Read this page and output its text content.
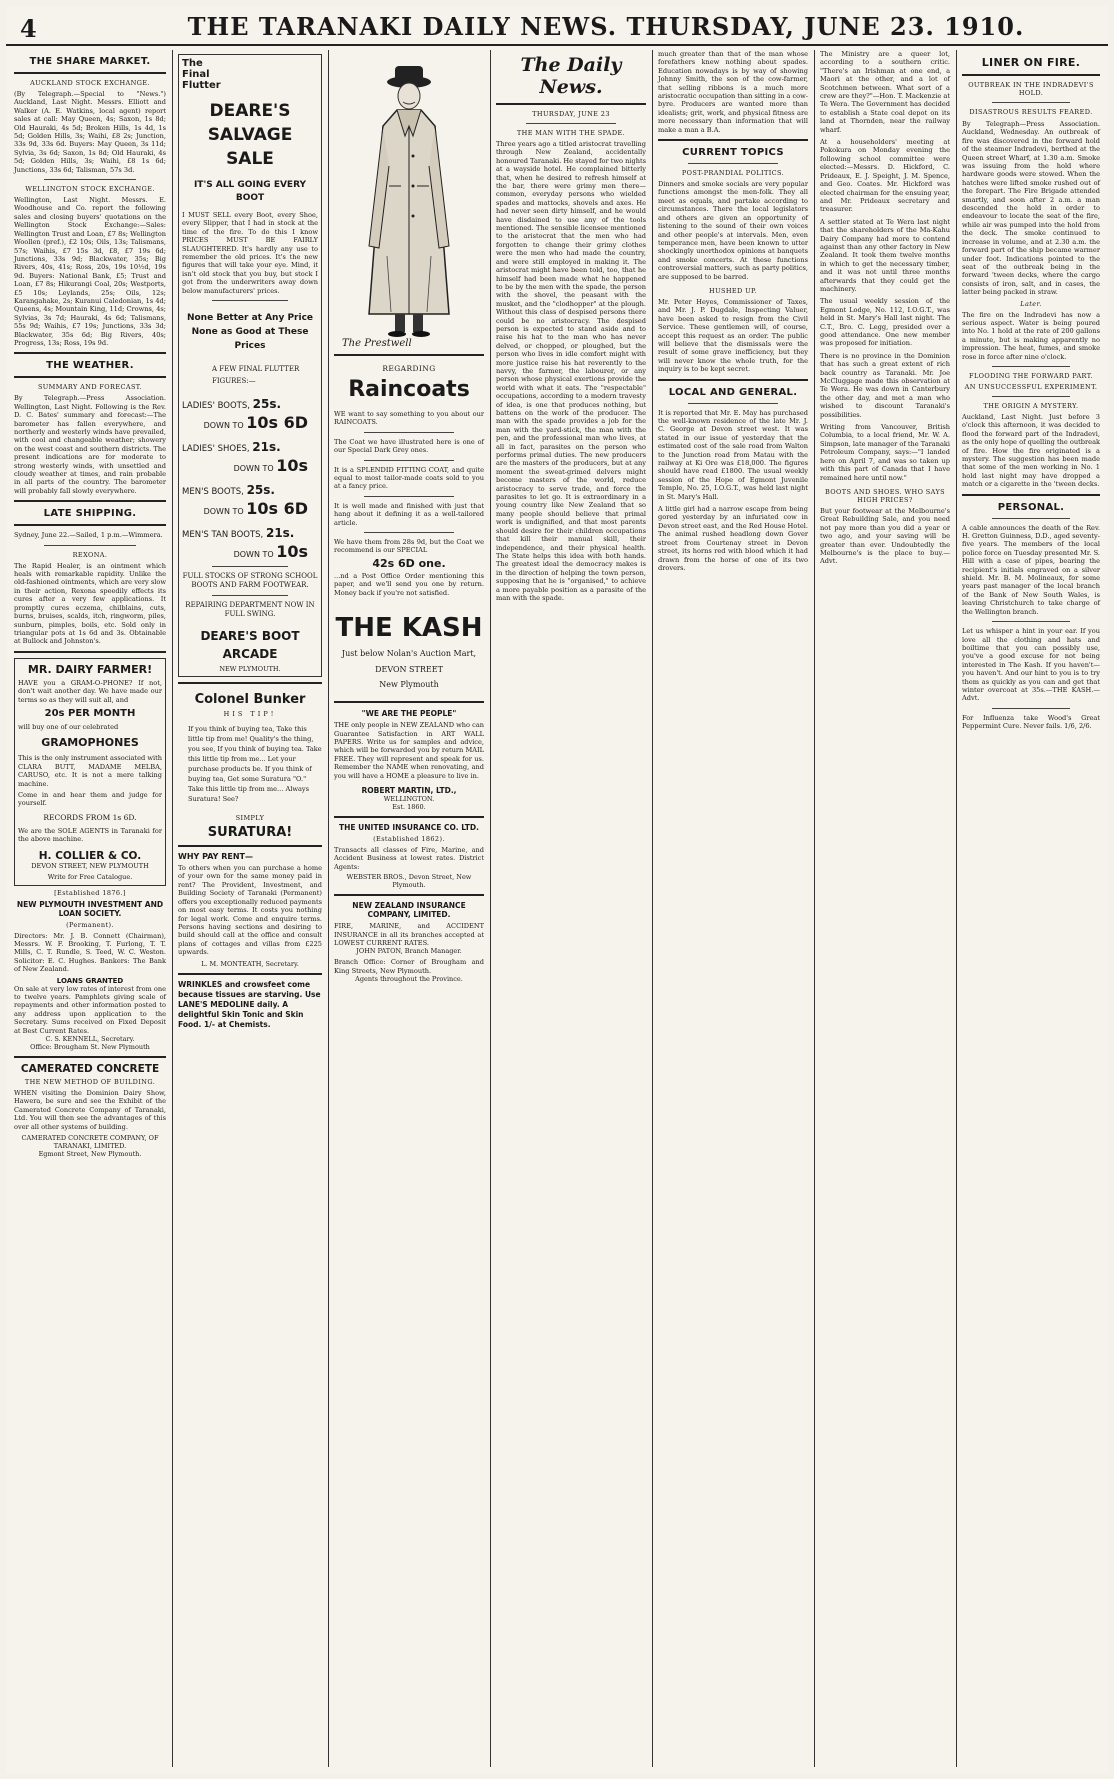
4	THE TARANAKI DAILY NEWS. THURSDAY, JUNE 23. 1910.
THE SHARE MARKET.
AUCKLAND STOCK EXCHANGE.
(By Telegraph.—Special to "News.") Auckland, Last Night. Messrs. Elliott and Walker (A. E. Watkins, local agent) report sales at call: May Queen, 4s; Saxon, 1s 8d; Old Hauraki, 4s 5d; Broken Hills, 1s 4d, 1s 5d; Golden Hills, 3s; Waihi, £8 2s; Junction, 33s 9d, 33s 6d. Buyers: May Queen, 3s 11d; Sylvia, 3s 6d; Saxon, 1s 8d; Old Hauraki, 4s 5d; Golden Hills, 3s; Waihi, £8 1s 6d; Junctions, 33s 6d; Talisman, 57s 3d.
WELLINGTON STOCK EXCHANGE.
Wellington, Last Night. Messrs. E. Woodhouse and Co. report the following sales and closing buyers' quotations on the Wellington Stock Exchange:—Sales: Wellington Trust and Loan, £7 8s; Wellington Woollen (pref.), £2 10s; Oils, 13s; Talismans, 57s; Waihis, £7 15s 3d, £8, £7 19s 6d; Junctions, 33s 9d; Blackwater, 35s; Big Rivers, 40s, 41s; Ross, 20s, 19s 10½d, 19s 9d. Buyers: National Bank, £5; Trust and Loan, £7 8s; Hikurangi Coal, 20s; Westports, £5 10s; Leylands, 25s; Oils, 12s; Karangahake, 2s; Kuranui Caledonian, 1s 4d; Queens, 4s; Mountain King, 11d; Crowns, 4s; Sylvias, 3s 7d; Hauraki, 4s 6d; Talismans, 55s 9d; Waihis, £7 19s; Junctions, 33s 3d; Blackwater, 35s 6d; Big Rivers, 40s; Progress, 13s; Ross, 19s 9d.
THE WEATHER.
SUMMARY AND FORECAST.
By Telegraph.—Press Association. Wellington, Last Night. Following is the Rev. D. C. Bates' summary and forecast:—The barometer has fallen everywhere, and northerly and westerly winds have prevailed, with cool and changeable weather; showery on the west coast and southern districts. The present indications are for moderate to strong westerly winds, with unsettled and cloudy weather at times, and rain probable in all parts of the country. The barometer will probably fall slowly everywhere.
LATE SHIPPING.
Sydney, June 22.—Sailed, 1 p.m.—Wimmera.
REXONA.
The Rapid Healer, is an ointment which heals with remarkable rapidity. Unlike the old-fashioned ointments, which are very slow in their action, Rexona speedily effects its cures after a very few applications. It promptly cures eczema, chilblains, cuts, burns, bruises, scalds, itch, ringworm, piles, sunburn, pimples, boils, etc. Sold only in triangular pots at 1s 6d and 3s. Obtainable at Bullock and Johnston's.
MR. DAIRY FARMER!
HAVE you a GRAM-O-PHONE? If not, don't wait another day. We have made our terms so as they will suit all, and
20s PER MONTH
will buy one of our celebrated
GRAMOPHONES
This is the only instrument associated with CLARA BUTT, MADAME MELBA, CARUSO, etc. It is not a mere talking machine.
Come in and hear them and judge for yourself.
RECORDS FROM 1s 6D.
We are the SOLE AGENTS in Taranaki for the above machine.
H. COLLIER & CO.
DEVON STREET, NEW PLYMOUTH
Write for Free Catalogue.
[Established 1876.]
NEW PLYMOUTH INVESTMENT AND LOAN SOCIETY.
(Permanent).
Directors: Mr. J. B. Connett (Chairman), Messrs. W. F. Brooking, T. Furlong, T. T. Mills, C. T. Rundle, S. Teed, W. C. Weston. Solicitor: E. C. Hughes. Bankers: The Bank of New Zealand.
LOANS GRANTED
On sale at very low rates of interest from one to twelve years. Pamphlets giving scale of repayments and other information posted to any address upon application to the Secretary. Sums received on Fixed Deposit at Best Current Rates.
C. S. KENNELL, Secretary.
Office: Brougham St. New Plymouth
CAMERATED CONCRETE
THE NEW METHOD OF BUILDING.
WHEN visiting the Dominion Dairy Show, Hawera, be sure and see the Exhibit of the Camerated Concrete Company of Taranaki, Ltd. You will then see the advantages of this over all other systems of building.
CAMERATED CONCRETE COMPANY, OF TARANAKI, LIMITED.
Egmont Street, New Plymouth.
The
Final
Flutter
DEARE'S SALVAGE SALE
IT'S ALL GOING EVERY BOOT
I MUST SELL every Boot, every Shoe, every Slipper, that I had in stock at the time of the fire. To do this I know PRICES MUST BE FAIRLY SLAUGHTERED. It's hardly any use to remember the old prices. It's the new figures that will take your eye. Mind, it isn't old stock that you buy, but stock I got from the underwriters away down below manufacturers' prices.
None Better at Any Price None as Good at These Prices
A FEW FINAL FLUTTER FIGURES:—
LADIES' BOOTS, 25s.
DOWN TO 10s 6D
LADIES' SHOES, 21s.
DOWN TO 10s
MEN'S BOOTS, 25s.
DOWN TO 10s 6D
MEN'S TAN BOOTS, 21s.
DOWN TO 10s
FULL STOCKS OF STRONG SCHOOL BOOTS AND FARM FOOTWEAR.
REPAIRING DEPARTMENT NOW IN FULL SWING.
DEARE'S BOOT ARCADE
NEW PLYMOUTH.
Colonel Bunker
HIS TIP!
If you think of buying tea, Take this little tip from me! Quality's the thing, you see, If you think of buying tea. Take this little tip from me... Let your purchase products be. If you think of buying tea, Get some Suratura "O." Take this little tip from me... Always Suratura! See?
SIMPLY
SURATURA!
WHY PAY RENT—
To others when you can purchase a home of your own for the same money paid in rent? The Provident, Investment, and Building Society of Taranaki (Permanent) offers you exceptionally reduced payments on most easy terms. It costs you nothing for legal work. Come and enquire terms. Persons having sections and desiring to build should call at the office and consult plans of cottages and villas from £225 upwards.
L. M. MONTEATH, Secretary.
WRINKLES and crowsfeet come because tissues are starving. Use LANE'S MEDOLINE daily. A delightful Skin Tonic and Skin Food. 1/- at Chemists.
The Prestwell
REGARDING
Raincoats
WE want to say something to you about our RAINCOATS.
The Coat we have illustrated here is one of our Special Dark Grey ones.
It is a SPLENDID FITTING COAT, and quite equal to most tailor-made coats sold to you at a fancy price.
It is well made and finished with just that hang about it defining it as a well-tailored article.
We have them from 28s 9d, but the Coat we recommend is our SPECIAL
42s 6D one.
...nd a Post Office Order mentioning this paper, and we'll send you one by return. Money back if you're not satisfied.
THE KASH
Just below Nolan's Auction Mart,
DEVON STREET
New Plymouth
"WE ARE THE PEOPLE"
THE only people in NEW ZEALAND who can Guarantee Satisfaction in ART WALL PAPERS. Write us for samples and advice, which will be forwarded you by return MAIL FREE. They will represent and speak for us. Remember the NAME when renovating, and you will have a HOME a pleasure to live in.
ROBERT MARTIN, LTD.,
WELLINGTON.
Est. 1860.
THE UNITED INSURANCE CO. LTD.
(Established 1862).
Transacts all classes of Fire, Marine, and Accident Business at lowest rates. District Agents:
WEBSTER BROS., Devon Street, New Plymouth.
NEW ZEALAND INSURANCE COMPANY, LIMITED.
FIRE, MARINE, and ACCIDENT INSURANCE in all its branches accepted at LOWEST CURRENT RATES.
JOHN PATON, Branch Manager.
Branch Office: Corner of Brougham and King Streets, New Plymouth.
Agents throughout the Province.
The Daily News.
THURSDAY, JUNE 23
THE MAN WITH THE SPADE.
Three years ago a titled aristocrat travelling through New Zealand, accidentally honoured Taranaki. He stayed for two nights at a wayside hotel. He complained bitterly that, when he desired to refresh himself at the bar, there were grimy men there—common, everyday persons who wielded spades and mattocks, shovels and axes. He had never seen dirty himself, and he would have disdained to use any of the tools mentioned. The sensible licensee mentioned to the aristocrat that the men who had forgotten to change their grimy clothes were the men who had made the country, and were still employed in making it. The aristocrat might have been told, too, that he himself had been made what he happened to be by the men with the spade, the person with the shovel, the peasant with the musket, and the "clodhopper" at the plough. Without this class of despised persons there could be no aristocracy. The despised person is expected to stand aside and to raise his hat to the man who has never delved, or chopped, or ploughed, but the person who lives in idle comfort might with more justice raise his hat reverently to the navvy, the farmer, the labourer, or any person whose physical exertions provide the world with what it eats. The "respectable" occupations, according to a modern travesty of idea, is one that produces nothing, but battens on the work of the producer. The man with the spade provides a job for the man with the yard-stick, the man with the pen, and the professional man who lives, at all in fact, parasites on the person who performs primal duties. The new producers are the masters of the producers, but at any moment the sweat-grimed delvers might become masters of the world, reduce aristocracy to serve trade, and force the parasites to let go. It is extraordinary in a young country like New Zealand that so many people should believe that primal work is undignified, and that most parents should desire for their children occupations that kill their manual skill, their independence, and their physical health. The State helps this idea with both hands. The greatest ideal the democracy makes is in the direction of helping the town person, supposing that he is "organised," to achieve a more payable position as a parasite of the man with the spade.
much greater than that of the man whose forefathers knew nothing about spades. Education nowadays is by way of showing Johnny Smith, the son of the cow-farmer, that selling ribbons is a much more aristocratic occupation than sitting in a cow-byre. Producers are wanted more than idealists; grit, work, and physical fitness are more necessary than information that will make a man a B.A.
CURRENT TOPICS
POST-PRANDIAL POLITICS.
Dinners and smoke socials are very popular functions amongst the men-folk. They all meet as equals, and partake according to circumstances. There the local legislators and others are given an opportunity of listening to the sound of their own voices and other people's at intervals. Men, even temperance men, have been known to utter shockingly unorthodox opinions at banquets and smoke concerts. At these functions controversial matters, such as party politics, are supposed to be barred.
HUSHED UP.
Mr. Peter Heyes, Commissioner of Taxes, and Mr. J. P. Dugdale, Inspecting Valuer, have been asked to resign from the Civil Service. These gentlemen will, of course, accept this request as an order. The public will believe that the dismissals were the result of some grave inefficiency, but they will never know the whole truth, for the inquiry is to be kept secret.
LOCAL AND GENERAL.
It is reported that Mr. E. May has purchased the well-known residence of the late Mr. J. C. George at Devon street west. It was stated in our issue of yesterday that the estimated cost of the sale road from Walton to the Junction road from Matau with the railway at Ki Ore was £18,000. The figures should have read £1800. The usual weekly session of the Hope of Egmont Juvenile Temple, No. 25, I.O.G.T., was held last night in St. Mary's Hall.
A little girl had a narrow escape from being gored yesterday by an infuriated cow in Devon street east, and the Red House Hotel. The animal rushed headlong down Gover street from Courtenay street in Devon street, its horns red with blood which it had drawn from the horse of one of its two drovers.
The Ministry are a queer lot, according to a southern critic. "There's an Irishman at one end, a Maori at the other, and a lot of Scotchmen between. What sort of a crew are they?"—Hon. T. Mackenzie at Te Wera. The Government has decided to establish a State coal depot on its land at Thornden, near the railway wharf.
At a householders' meeting at Pokokura on Monday evening the following school committee were elected:—Messrs. D. Hickford, C. Prideaux, E. J. Speight, J. M. Spence, and Geo. Coates. Mr. Hickford was elected chairman for the ensuing year, and Mr. Prideaux secretary and treasurer.
A settler stated at Te Wera last night that the shareholders of the Ma-Kahu Dairy Company had more to contend against than any other factory in New Zealand. It took them twelve months in which to get the necessary timber, and it was not until three months afterwards that they could get the machinery.
The usual weekly session of the Egmont Lodge, No. 112, I.O.G.T., was held in St. Mary's Hall last night. The C.T., Bro. C. Legg, presided over a good attendance. One new member was proposed for initiation.
There is no province in the Dominion that has such a great extent of rich back country as Taranaki. Mr. Joe McCluggage made this observation at Te Wera. He was down in Canterbury the other day, and met a man who wished to discount Taranaki's possibilities.
Writing from Vancouver, British Columbia, to a local friend, Mr. W. A. Simpson, late manager of the Taranaki Petroleum Company, says:—"I landed here on April 7, and was so taken up with this part of Canada that I have remained here until now."
BOOTS AND SHOES. WHO SAYS HIGH PRICES?
But your footwear at the Melbourne's Great Rebuilding Sale, and you need not pay more than you did a year or two ago, and your saving will be greater than ever. Undoubtedly the Melbourne's is the place to buy.—Advt.
LINER ON FIRE.
OUTBREAK IN THE INDRADEVI'S HOLD.
DISASTROUS RESULTS FEARED.
By Telegraph—Press Association. Auckland, Wednesday. An outbreak of fire was discovered in the forward hold of the steamer Indradevi, berthed at the Queen street Wharf, at 1.30 a.m. Smoke was issuing from the hold where hardware goods were stowed. When the hatches were lifted smoke rushed out of the forepart. The Fire Brigade attended smartly, and soon after 2 a.m. a man descended the hold in order to endeavour to locate the seat of the fire, while air was pumped into the hold from the deck. The smoke continued to increase in volume, and at 2.30 a.m. the forward part of the ship became warmer under foot. Indications pointed to the seat of the outbreak being in the forward 'tween decks, where the cargo consists of iron, salt, and in cases, the latter being packed in straw.
Later.
The fire on the Indradevi has now a serious aspect. Water is being poured into No. 1 hold at the rate of 200 gallons a minute, but is making apparently no impression. The heat, fumes, and smoke rose in force after nine o'clock.
FLOODING THE FORWARD PART.
AN UNSUCCESSFUL EXPERIMENT.
THE ORIGIN A MYSTERY.
Auckland, Last Night. Just before 3 o'clock this afternoon, it was decided to flood the forward part of the Indradevi, as the only hope of quelling the outbreak of fire. How the fire originated is a mystery. The suggestion has been made that some of the men working in No. 1 hold last night may have dropped a match or a cigarette in the 'tween decks.
PERSONAL.
A cable announces the death of the Rev. H. Gretton Guinness, D.D., aged seventy-five years. The members of the local police force on Tuesday presented Mr. S. Hill with a case of pipes, bearing the recipient's initials engraved on a silver shield. Mr. B. M. Molineaux, for some years past manager of the local branch of the Bank of New South Wales, is leaving Christchurch to take charge of the Wellington branch.
Let us whisper a hint in your ear. If you love all the clothing and hats and boiltime that you can possibly use, you've a good excuse for not being interested in The Kash. If you haven't—you haven't. And our hint to you is to try them as quickly as you can and get that winter overcoat at 35s.—THE KASH.—Advt.
For Influenza take Wood's Great Peppermint Cure. Never fails. 1/6, 2/6.
